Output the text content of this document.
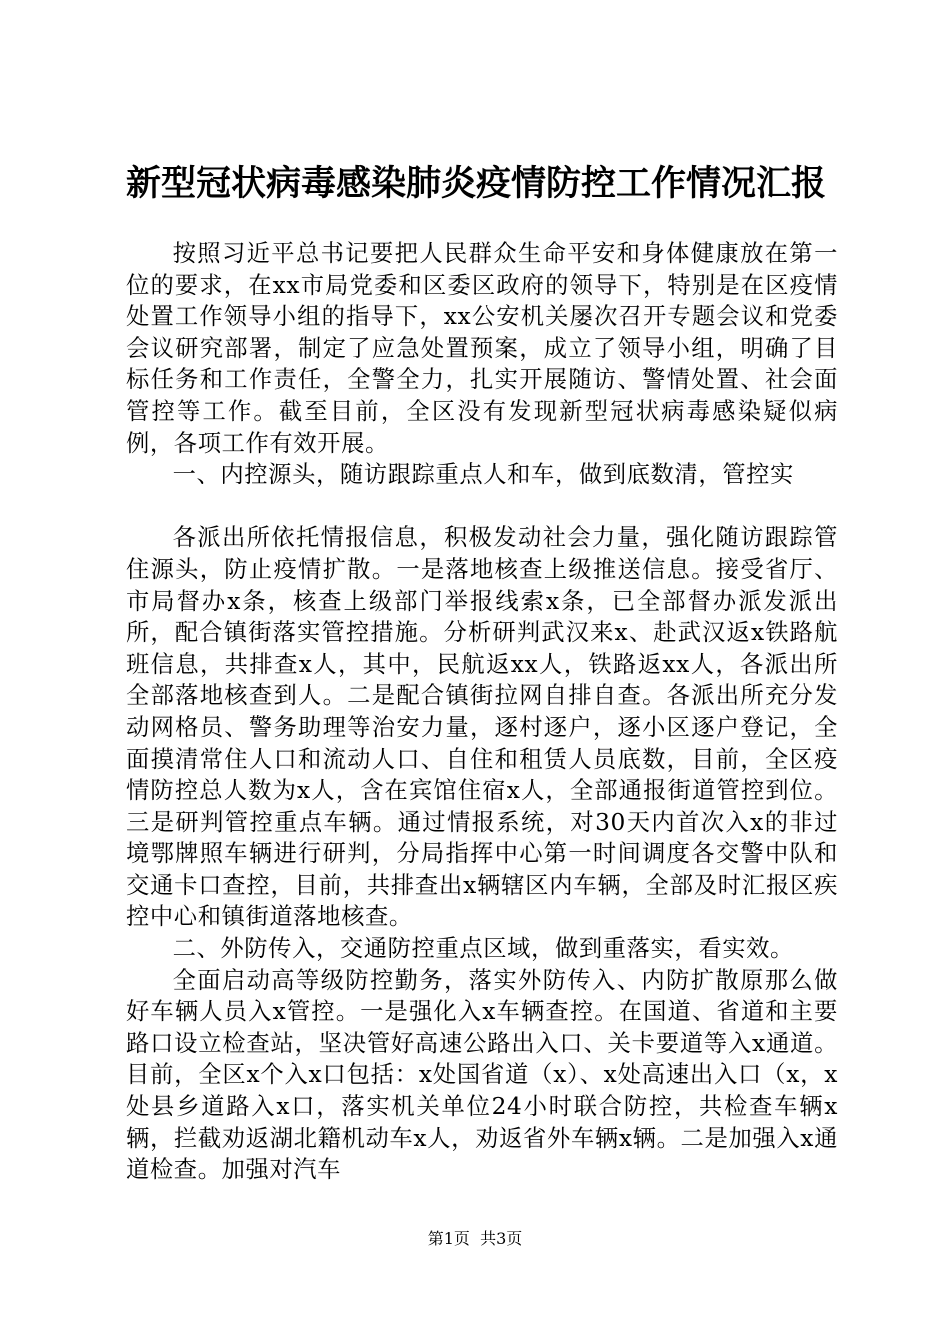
新型冠状病毒感染肺炎疫情防控工作情况汇报

按照习近平总书记要把人民群众生命平安和身体健康放在第一位的要求，在xx市局党委和区委区政府的领导下，特别是在区疫情处置工作领导小组的指导下，xx公安机关屡次召开专题会议和党委会议研究部署，制定了应急处置预案，成立了领导小组，明确了目标任务和工作责任，全警全力，扎实开展随访、警情处置、社会面管控等工作。截至目前，全区没有发现新型冠状病毒感染疑似病例，各项工作有效开展。

一、内控源头，随访跟踪重点人和车，做到底数清，管控实

各派出所依托情报信息，积极发动社会力量，强化随访跟踪管住源头，防止疫情扩散。一是落地核查上级推送信息。接受省厅、市局督办x条，核查上级部门举报线索x条，已全部督办派发派出所，配合镇街落实管控措施。分析研判武汉来x、赴武汉返x铁路航班信息，共排查x人，其中，民航返xx人，铁路返xx人，各派出所全部落地核查到人。二是配合镇街拉网自排自查。各派出所充分发动网格员、警务助理等治安力量，逐村逐户，逐小区逐户登记，全面摸清常住人口和流动人口、自住和租赁人员底数，目前，全区疫情防控总人数为x人，含在宾馆住宿x人，全部通报街道管控到位。三是研判管控重点车辆。通过情报系统，对30天内首次入x的非过境鄂牌照车辆进行研判，分局指挥中心第一时间调度各交警中队和交通卡口查控，目前，共排查出x辆辖区内车辆，全部及时汇报区疾控中心和镇街道落地核查。

二、外防传入，交通防控重点区域，做到重落实，看实效。

全面启动高等级防控勤务，落实外防传入、内防扩散原那么做好车辆人员入x管控。一是强化入x车辆查控。在国道、省道和主要路口设立检查站，坚决管好高速公路出入口、关卡要道等入x通道。目前，全区x个入x口包括：x处国省道（x）、x处高速出入口（x，x处县乡道路入x口，落实机关单位24小时联合防控，共检查车辆x辆，拦截劝返湖北籍机动车x人，劝返省外车辆x辆。二是加强入x通道检查。加强对汽车

第1页  共3页
